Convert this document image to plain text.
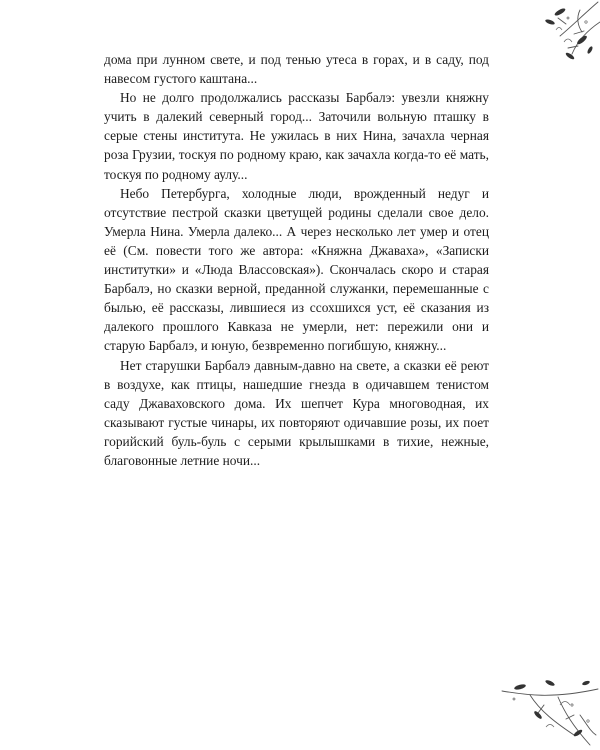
дома при лунном свете, и под тенью утеса в горах, и в саду, под навесом густого каштана...

Но не долго продолжались рассказы Барбалэ: увезли княжну учить в далекий северный город... Заточили вольную пташку в серые стены института. Не ужилась в них Нина, зачахла черная роза Грузии, тоскуя по родному краю, как зачахла когда-то её мать, тоскуя по родному аулу...

Небо Петербурга, холодные люди, врожденный недуг и отсутствие пестрой сказки цветущей родины сделали свое дело. Умерла Нина. Умерла далеко... А через несколько лет умер и отец её (См. повести того же автора: «Княжна Джаваха», «Записки институтки» и «Люда Влассовская»). Скончалась скоро и старая Барбалэ, но сказки верной, преданной служанки, перемешанные с былью, её рассказы, лившиеся из ссохшихся уст, её сказания из далекого прошлого Кавказа не умерли, нет: пережили они и старую Барбалэ, и юную, безвременно погибшую, княжну...

Нет старушки Барбалэ давным-давно на свете, а сказки её реют в воздухе, как птицы, нашедшие гнезда в одичавшем тенистом саду Джаваховского дома. Их шепчет Кура многоводная, их сказывают густые чинары, их повторяют одичавшие розы, их поет горийский буль-буль с серыми крылышками в тихие, нежные, благовонные летние ночи...
